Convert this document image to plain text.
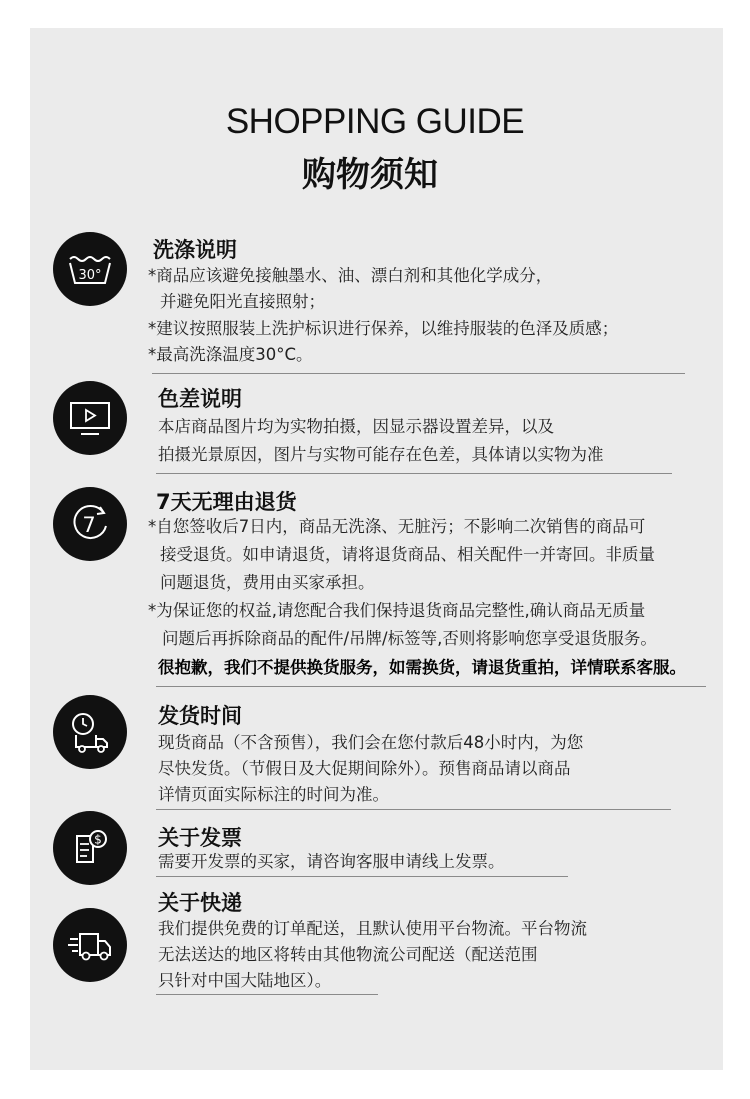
SHOPPING GUIDE
购物须知
30°
洗涤说明
*商品应该避免接触墨水、油、漂白剂和其他化学成分，
并避免阳光直接照射；
*建议按照服装上洗护标识进行保养，以维持服装的色泽及质感；
*最高洗涤温度30°C。
色差说明
本店商品图片均为实物拍摄，因显示器设置差异，以及
拍摄光景原因，图片与实物可能存在色差，具体请以实物为准
7
7天无理由退货
*自您签收后7日内，商品无洗涤、无脏污；不影响二次销售的商品可
接受退货。如申请退货，请将退货商品、相关配件一并寄回。非质量
问题退货，费用由买家承担。
*为保证您的权益,请您配合我们保持退货商品完整性,确认商品无质量
问题后再拆除商品的配件/吊牌/标签等,否则将影响您享受退货服务。
很抱歉，我们不提供换货服务，如需换货，请退货重拍，详情联系客服。
发货时间
现货商品（不含预售），我们会在您付款后48小时内，为您
尽快发货。（节假日及大促期间除外）。预售商品请以商品
详情页面实际标注的时间为准。
$	关于发票
需要开发票的买家，请咨询客服申请线上发票。
关于快递
我们提供免费的订单配送，且默认使用平台物流。平台物流
无法送达的地区将转由其他物流公司配送（配送范围
只针对中国大陆地区）。
